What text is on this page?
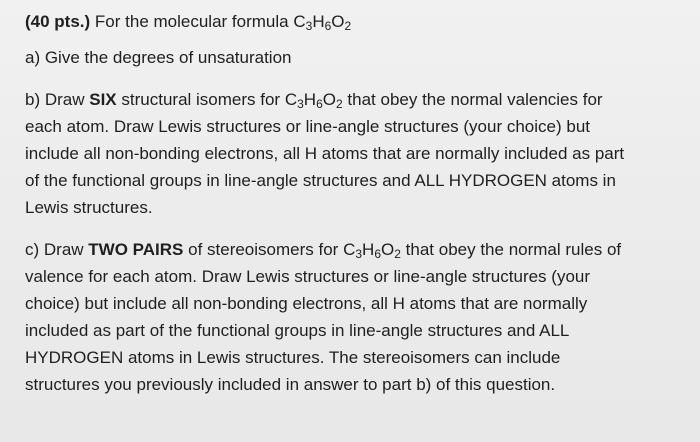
(40 pts.) For the molecular formula $C_3H_6O_2$
a) Give the degrees of unsaturation
b) Draw SIX structural isomers for $C_3H_6O_2$ that obey the normal valencies for
each atom. Draw Lewis structures or line-angle structures (your choice) but
include all non-bonding electrons, all H atoms that are normally included as part
of the functional groups in line-angle structures and ALL HYDROGEN atoms in
Lewis structures.
c) Draw TWO PAIRS of stereoisomers for $C_3H_6O_2$ that obey the normal rules of
valence for each atom. Draw Lewis structures or line-angle structures (your
choice) but include all non-bonding electrons, all H atoms that are normally
included as part of the functional groups in line-angle structures and ALL
HYDROGEN atoms in Lewis structures. The stereoisomers can include
structures you previously included in answer to part b) of this question.
